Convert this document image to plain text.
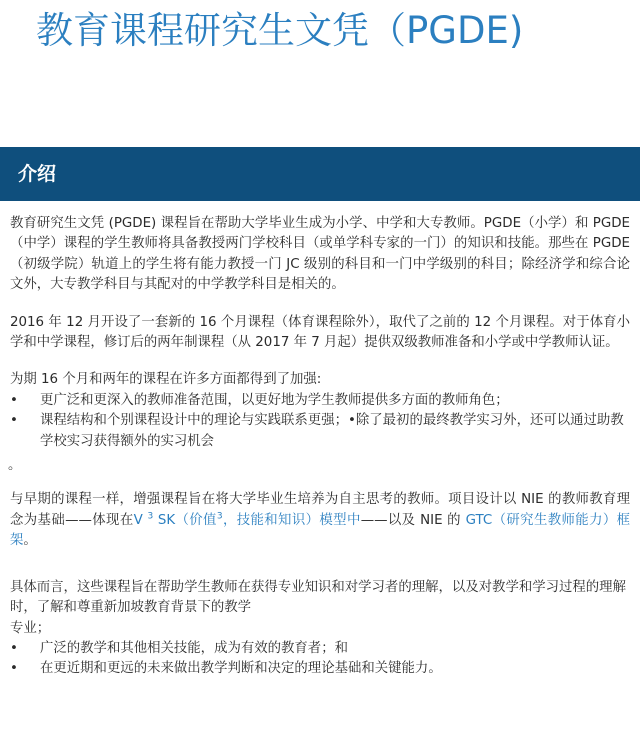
教育课程研究生文凭（PGDE)
介绍

教育研究生文凭 (PGDE) 课程旨在帮助大学毕业生成为小学、中学和大专教师。PGDE（小学）和 PGDE（中学）课程的学生教师将具备教授两门学校科目（或单学科专家的一门）的知识和技能。那些在 PGDE（初级学院）轨道上的学生将有能力教授一门 JC 级别的科目和一门中学级别的科目；除经济学和综合论文外，大专教学科目与其配对的中学教学科目是相关的。

2016 年 12 月开设了一套新的 16 个月课程（体育课程除外），取代了之前的 12 个月课程。对于体育小学和中学课程，修订后的两年制课程（从 2017 年 7 月起）提供双级教师准备和小学或中学教师认证。

为期 16 个月和两年的课程在许多方面都得到了加强:

•	更广泛和更深入的教师准备范围，以更好地为学生教师提供多方面的教师角色；
•	课程结构和个别课程设计中的理论与实践联系更强；•除了最初的最终教学实习外，还可以通过助教学校实习获得额外的实习机会

。

与早期的课程一样，增强课程旨在将大学毕业生培养为自主思考的教师。项目设计以 NIE 的教师教育理念为基础——体现在V $^3$ SK（价值$^3$，技能和知识）模型中——以及 NIE 的 GTC（研究生教师能力）框架。

具体而言，这些课程旨在帮助学生教师在获得专业知识和对学习者的理解，以及对教学和学习过程的理解时，了解和尊重新加坡教育背景下的教学

专业；

•	广泛的教学和其他相关技能，成为有效的教育者；和
•	在更近期和更远的未来做出教学判断和决定的理论基础和关键能力。
